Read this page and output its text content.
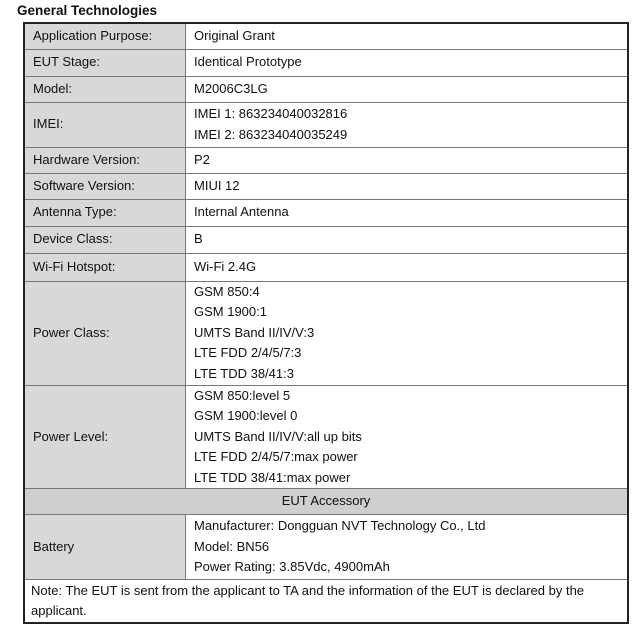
General Technologies
Application Purpose:	Original Grant

EUT Stage:	Identical Prototype

Model:	M2006C3LG

IMEI:	IMEI 1: 863234040032816
IMEI 2: 863234040035249

Hardware Version:	P2

Software Version:	MIUI 12

Antenna Type:	Internal Antenna

Device Class:	B

Wi-Fi Hotspot:	Wi-Fi 2.4G

Power Class:	GSM 850:4
GSM 1900:1
UMTS Band II/IV/V:3
LTE FDD 2/4/5/7:3
LTE TDD 38/41:3

Power Level:	GSM 850:level 5
GSM 1900:level 0
UMTS Band II/IV/V:all up bits
LTE FDD 2/4/5/7:max power
LTE TDD 38/41:max power

EUT Accessory	
Battery	Manufacturer: Dongguan NVT Technology Co., Ltd
Model: BN56
Power Rating: 3.85Vdc, 4900mAh

Note: The EUT is sent from the applicant to TA and the information of the EUT is declared by the applicant.	
